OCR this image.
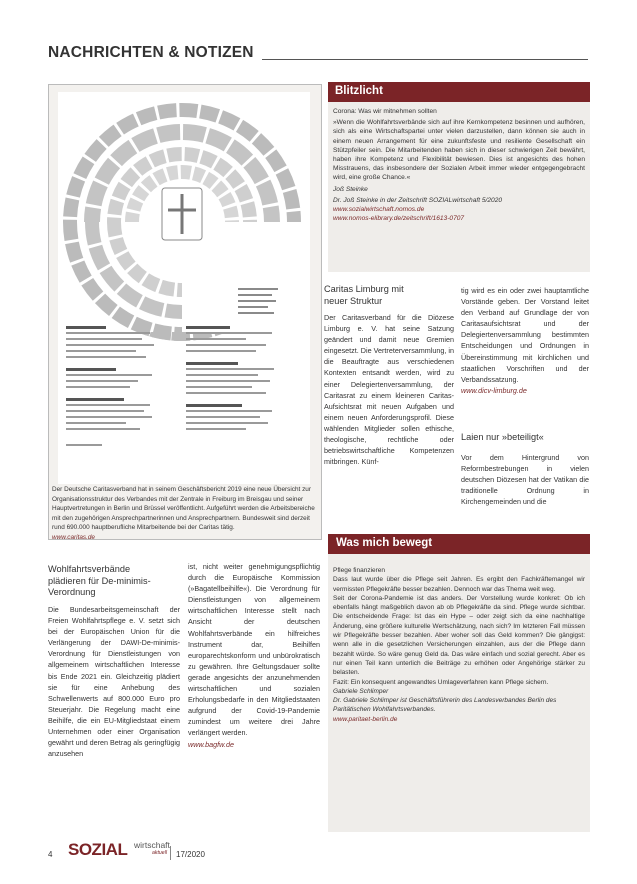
NACHRICHTEN & NOTIZEN
Der Deutsche Caritasverband hat in seinem Geschäftsbericht 2019 eine neue Übersicht zur Organisationsstruktur des Verbandes mit der Zentrale in Freiburg im Breisgau und seiner Hauptvertretungen in Berlin und Brüssel veröffentlicht. Aufgeführt werden die Arbeitsbereiche mit den zugehörigen Ansprechpartnerinnen und Ansprechpartnern. Bundesweit sind derzeit rund 690.000 hauptberufliche Mitarbeitende bei der Caritas tätig.
www.caritas.de
Blitzlicht

Corona: Was wir mitnehmen sollten

»Wenn die Wohlfahrtsverbände sich auf ihre Kernkompetenz besinnen und aufhören, sich als eine Wirtschaftspartei unter vielen darzustellen, dann können sie auch in einem neuen Arrangement für eine zukunftsfeste und resiliente Gesellschaft ein Stützpfeiler sein. Die Mitarbeitenden haben sich in dieser schwierigen Zeit bewährt, haben ihre Kompetenz und Flexibilität bewiesen. Dies ist angesichts des hohen Misstrauens, das insbesondere der Sozialen Arbeit immer wieder entgegengebracht wird, eine große Chance.«

Joß Steinke

Dr. Joß Steinke in der Zeitschrift SOZIALwirtschaft 5/2020
www.sozialwirtschaft.nomos.de
www.nomos-elibrary.de/zeitschrift/1613-0707
Caritas Limburg mit
neuer Struktur
Der Caritasverband für die Diözese Limburg e. V. hat seine Satzung geändert und damit neue Gremien eingesetzt. Die Vertreterversammlung, in die Beauftragte aus verschiedenen Kontexten entsandt werden, wird zu einer Delegiertenversammlung, der Caritasrat zu einem kleineren Caritas-Aufsichtsrat mit neuen Aufgaben und einem neuen Anforderungsprofil. Diese wählenden Mitglieder sollen ethische, theologische, rechtliche oder betriebswirtschaftliche Kompetenzen mitbringen. Künf-

tig wird es ein oder zwei hauptamtliche Vorstände geben. Der Vorstand leitet den Verband auf Grundlage der von Caritasaufsichtsrat und der Delegiertenversammlung bestimmten Entscheidungen und Ordnungen in Übereinstimmung mit kirchlichen und staatlichen Vorschriften und der Verbandssatzung.

www.dicv-limburg.de

Laien nur »beteiligt«
Vor dem Hintergrund von Reformbestrebungen in vielen deutschen Diözesen hat der Vatikan die traditionelle Ordnung in Kirchengemeinden und die
Wohlfahrtsverbände
plädieren für De-minimis-
Verordnung
Die Bundesarbeitsgemeinschaft der Freien Wohlfahrtspflege e. V. setzt sich bei der Europäischen Union für die Verlängerung der DAWI-De-minimis-Verordnung für Dienstleistungen von allgemeinem wirtschaftlichen Interesse bis Ende 2021 ein. Gleichzeitig plädiert sie für eine Anhebung des Schwellenwerts auf 800.000 Euro pro Steuerjahr. Die Regelung macht eine Beihilfe, die ein EU-Mitgliedstaat einem Unternehmen oder einer Organisation gewährt und deren Betrag als geringfügig anzusehen

ist, nicht weiter genehmigungspflichtig durch die Europäische Kommission (»Bagatellbeihilfe«). Die Verordnung für Dienstleistungen von allgemeinem wirtschaftlichen Interesse stellt nach Ansicht der deutschen Wohlfahrtsverbände ein hilfreiches Instrument dar, Beihilfen europarechtskonform und unbürokratisch zu gewähren. Ihre Geltungsdauer sollte gerade angesichts der anzunehmenden wirtschaftlichen und sozialen Erholungsbedarfe in den Mitgliedstaaten aufgrund der Covid-19-Pandemie zumindest um weitere drei Jahre verlängert werden.

www.bagfw.de

Was mich bewegt

Pflege finanzieren

Dass laut wurde über die Pflege seit Jahren. Es ergibt den Fachkräftemangel wir vermissten Pflegekräfte besser bezahlen. Dennoch war das Thema weit weg.

Seit der Corona-Pandemie ist das anders. Der Vorstellung wurde konkret: Ob ich ebenfalls hängt maßgeblich davon ab ob Pflegekräfte da sind. Pflege wurde sichtbar. Die entscheidende Frage: Ist das ein Hype – oder zeigt sich da eine nachhaltige Änderung, eine größere kulturelle Wertschätzung, nach sich? Im letzteren Fall müssen wir Pflegekräfte besser bezahlen. Aber woher soll das Geld kommen? Die gängigst: wenn alle in die gesetzlichen Versicherungen einzahlen, aus der die Pflege dann bezahlt würde. So wäre genug Geld da. Das wäre einfach und sozial gerecht. Aber es nur einen Teil kann unterlich die Beiträge zu erhöhen oder Angehörige stärker zu belasten.

Fazit: Ein konsequent angewandtes Umlageverfahren kann Pflege sichern.

Gabriele Schlimper

Dr. Gabriele Schlimper ist Geschäftsführerin des Landesverbandes Berlin des Paritätischen Wohlfahrtsverbandes.

www.paritaet-berlin.de

4 SOZIAL wirtschaft
aktuell 17/2020
